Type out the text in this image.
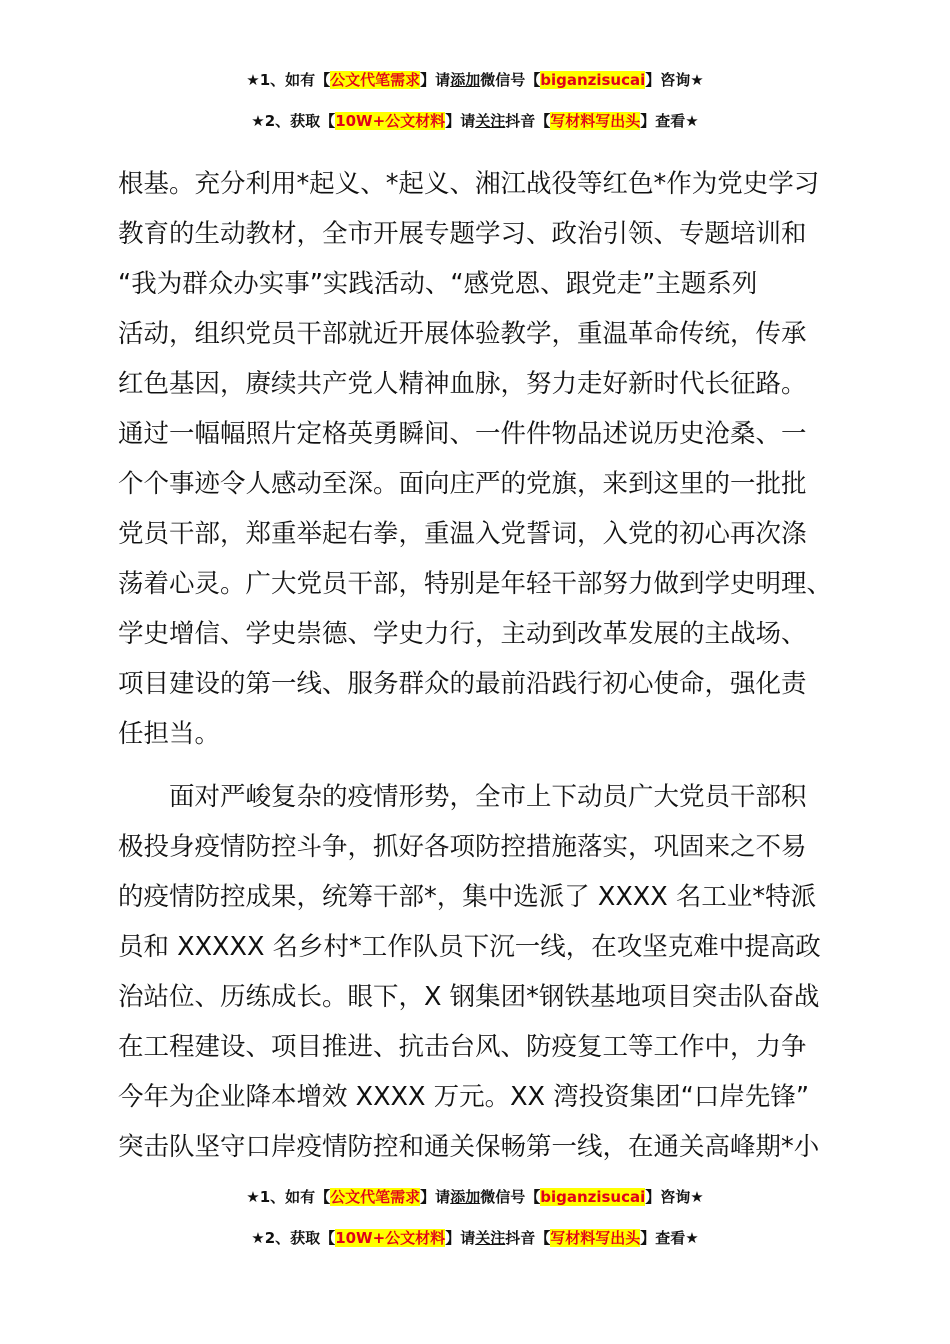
★1、如有【公文代笔需求】请添加微信号【biganzisucai】咨询★
★2、获取【10W+公文材料】请关注抖音【写材料写出头】查看★
根基。充分利用*起义、*起义、湘江战役等红色*作为党史学习
教育的生动教材，全市开展专题学习、政治引领、专题培训和
“我为群众办实事”实践活动、“感党恩、跟党走”主题系列
活动，组织党员干部就近开展体验教学，重温革命传统，传承
红色基因，赓续共产党人精神血脉，努力走好新时代长征路。
通过一幅幅照片定格英勇瞬间、一件件物品述说历史沧桑、一
个个事迹令人感动至深。面向庄严的党旗，来到这里的一批批
党员干部，郑重举起右拳，重温入党誓词，入党的初心再次涤
荡着心灵。广大党员干部，特别是年轻干部努力做到学史明理、
学史增信、学史崇德、学史力行，主动到改革发展的主战场、
项目建设的第一线、服务群众的最前沿践行初心使命，强化责
任担当。
　　面对严峻复杂的疫情形势，全市上下动员广大党员干部积
极投身疫情防控斗争，抓好各项防控措施落实，巩固来之不易
的疫情防控成果，统筹干部*，集中选派了 XXXX 名工业*特派
员和 XXXXX 名乡村*工作队员下沉一线，在攻坚克难中提高政
治站位、历练成长。眼下，X 钢集团*钢铁基地项目突击队奋战
在工程建设、项目推进、抗击台风、防疫复工等工作中，力争
今年为企业降本增效 XXXX 万元。XX 湾投资集团“口岸先锋”
突击队坚守口岸疫情防控和通关保畅第一线，在通关高峰期*小
★1、如有【公文代笔需求】请添加微信号【biganzisucai】咨询★
★2、获取【10W+公文材料】请关注抖音【写材料写出头】查看★
